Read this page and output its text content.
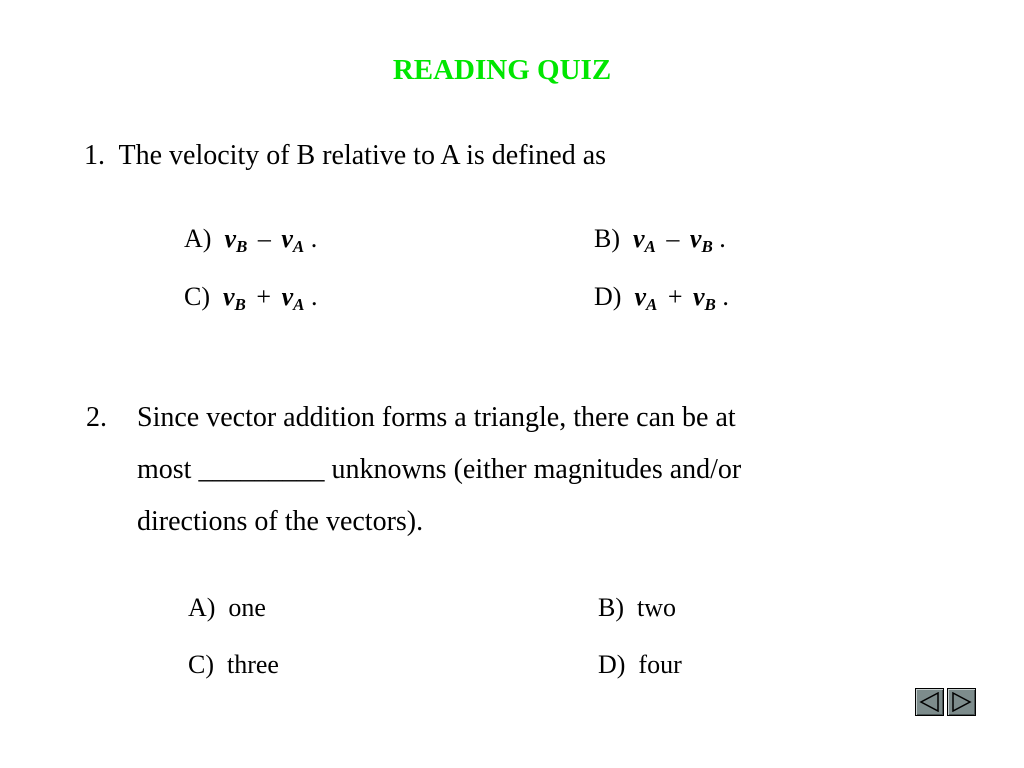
READING QUIZ
1. The velocity of B relative to A is defined as
A) $v_B - v_A$ .	B) $v_A - v_B$ .
C) $v_B + v_A$ .	D) $v_A + v_B$ .
2. Since vector addition forms a triangle, there can be at
most _________ unknowns (either magnitudes and/or
directions of the vectors).
A)  one	B)  two
C)  three	D)  four
